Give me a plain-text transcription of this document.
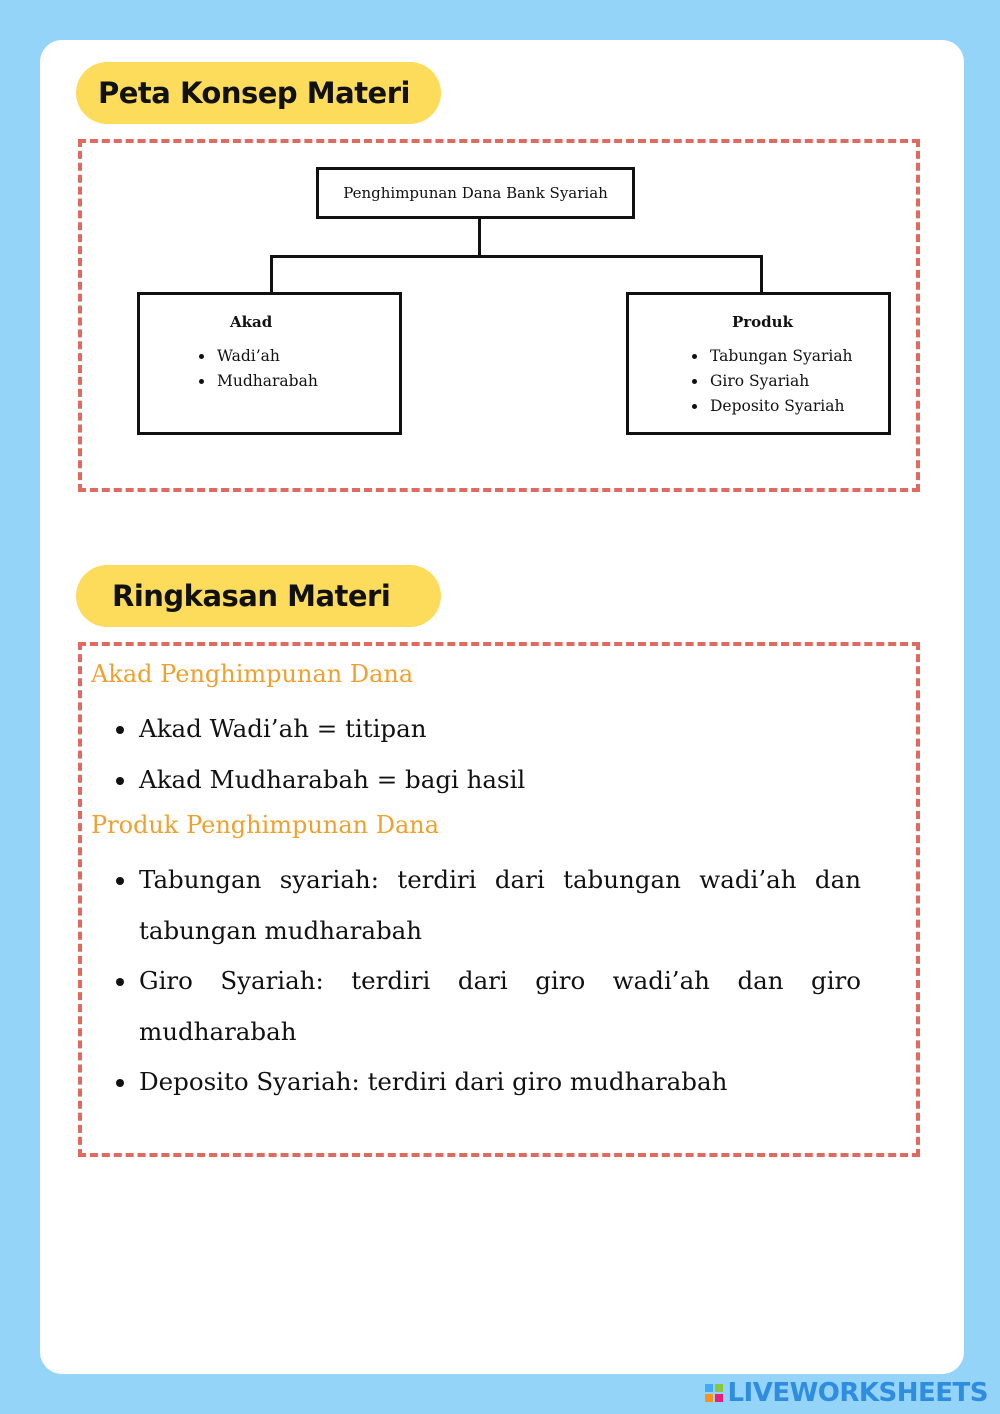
Peta Konsep Materi
Penghimpunan Dana Bank Syariah
Akad
• Wadi’ah
• Mudharabah
Produk
• Tabungan Syariah
• Giro Syariah
• Deposito Syariah
Ringkasan Materi
Akad Penghimpunan Dana
• Akad Wadi’ah = titipan
• Akad Mudharabah = bagi hasil
Produk Penghimpunan Dana
• Tabungan syariah: terdiri dari tabungan wadi’ah dan tabungan mudharabah
• Giro Syariah: terdiri dari giro wadi’ah dan giro mudharabah
• Deposito Syariah: terdiri dari giro mudharabah
LIVEWORKSHEETS
